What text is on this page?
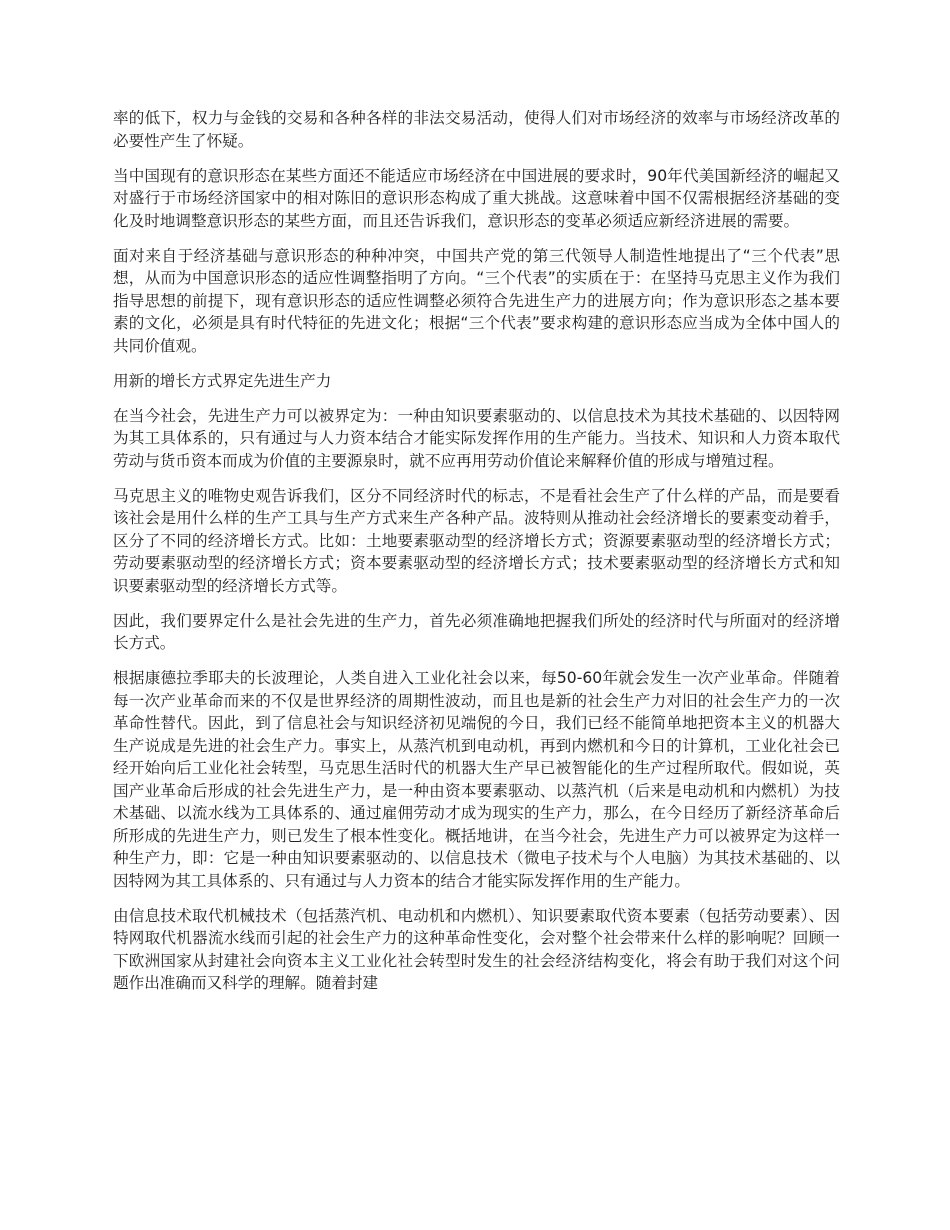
率的低下，权力与金钱的交易和各种各样的非法交易活动，使得人们对市场经济的效率与市场经济改革的必要性产生了怀疑。

当中国现有的意识形态在某些方面还不能适应市场经济在中国进展的要求时，90年代美国新经济的崛起又对盛行于市场经济国家中的相对陈旧的意识形态构成了重大挑战。这意味着中国不仅需根据经济基础的变化及时地调整意识形态的某些方面，而且还告诉我们，意识形态的变革必须适应新经济进展的需要。

面对来自于经济基础与意识形态的种种冲突，中国共产党的第三代领导人制造性地提出了“三个代表”思想，从而为中国意识形态的适应性调整指明了方向。“三个代表”的实质在于：在坚持马克思主义作为我们指导思想的前提下，现有意识形态的适应性调整必须符合先进生产力的进展方向；作为意识形态之基本要素的文化，必须是具有时代特征的先进文化；根据“三个代表”要求构建的意识形态应当成为全体中国人的共同价值观。

用新的增长方式界定先进生产力

在当今社会，先进生产力可以被界定为：一种由知识要素驱动的、以信息技术为其技术基础的、以因特网为其工具体系的，只有通过与人力资本结合才能实际发挥作用的生产能力。当技术、知识和人力资本取代劳动与货币资本而成为价值的主要源泉时，就不应再用劳动价值论来解释价值的形成与增殖过程。

马克思主义的唯物史观告诉我们，区分不同经济时代的标志，不是看社会生产了什么样的产品，而是要看该社会是用什么样的生产工具与生产方式来生产各种产品。波特则从推动社会经济增长的要素变动着手，区分了不同的经济增长方式。比如：土地要素驱动型的经济增长方式；资源要素驱动型的经济增长方式；劳动要素驱动型的经济增长方式；资本要素驱动型的经济增长方式；技术要素驱动型的经济增长方式和知识要素驱动型的经济增长方式等。

因此，我们要界定什么是社会先进的生产力，首先必须准确地把握我们所处的经济时代与所面对的经济增长方式。

根据康德拉季耶夫的长波理论，人类自进入工业化社会以来，每50-60年就会发生一次产业革命。伴随着每一次产业革命而来的不仅是世界经济的周期性波动，而且也是新的社会生产力对旧的社会生产力的一次革命性替代。因此，到了信息社会与知识经济初见端倪的今日，我们已经不能简单地把资本主义的机器大生产说成是先进的社会生产力。事实上，从蒸汽机到电动机，再到内燃机和今日的计算机，工业化社会已经开始向后工业化社会转型，马克思生活时代的机器大生产早已被智能化的生产过程所取代。假如说，英国产业革命后形成的社会先进生产力，是一种由资本要素驱动、以蒸汽机（后来是电动机和内燃机）为技术基础、以流水线为工具体系的、通过雇佣劳动才成为现实的生产力，那么，在今日经历了新经济革命后所形成的先进生产力，则已发生了根本性变化。概括地讲，在当今社会，先进生产力可以被界定为这样一种生产力，即：它是一种由知识要素驱动的、以信息技术（微电子技术与个人电脑）为其技术基础的、以因特网为其工具体系的、只有通过与人力资本的结合才能实际发挥作用的生产能力。

由信息技术取代机械技术（包括蒸汽机、电动机和内燃机）、知识要素取代资本要素（包括劳动要素）、因特网取代机器流水线而引起的社会生产力的这种革命性变化，会对整个社会带来什么样的影响呢？回顾一下欧洲国家从封建社会向资本主义工业化社会转型时发生的社会经济结构变化，将会有助于我们对这个问题作出准确而又科学的理解。随着封建
